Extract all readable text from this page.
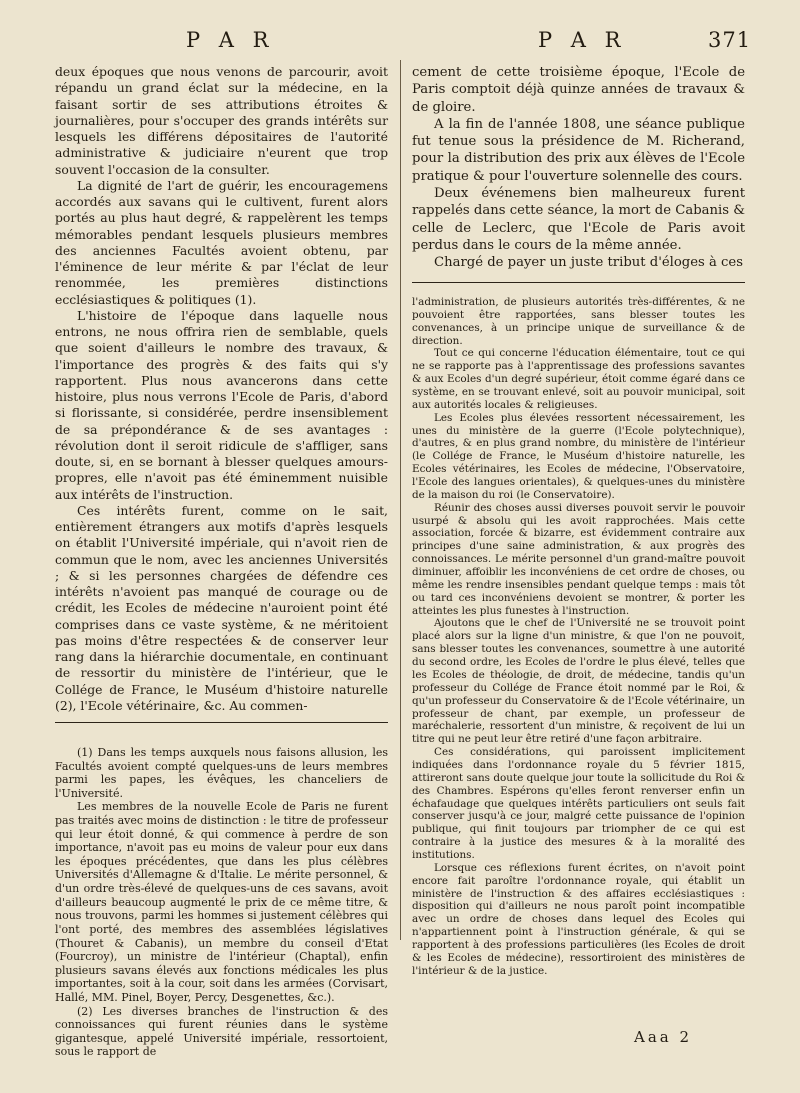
P A R	P A R	371

deux époques que nous venons de parcourir, avoit répandu un grand éclat sur la médecine, en la faisant sortir de ses attributions étroites & journalières, pour s'occuper des grands intérêts sur lesquels les différens dépositaires de l'autorité administrative & judiciaire n'eurent que trop souvent l'occasion de la consulter.

La dignité de l'art de guérir, les encouragemens accordés aux savans qui le cultivent, furent alors portés au plus haut degré, & rappelèrent les temps mémorables pendant lesquels plusieurs membres des anciennes Facultés avoient obtenu, par l'éminence de leur mérite & par l'éclat de leur renommée, les premières distinctions ecclésiastiques & politiques (1).

L'histoire de l'époque dans laquelle nous entrons, ne nous offrira rien de semblable, quels que soient d'ailleurs le nombre des travaux, & l'importance des progrès & des faits qui s'y rapportent. Plus nous avancerons dans cette histoire, plus nous verrons l'Ecole de Paris, d'abord si florissante, si considérée, perdre insensiblement de sa prépondérance & de ses avantages : révolution dont il seroit ridicule de s'affliger, sans doute, si, en se bornant à blesser quelques amours-propres, elle n'avoit pas été éminemment nuisible aux intérêts de l'instruction.

Ces intérêts furent, comme on le sait, entièrement étrangers aux motifs d'après lesquels on établit l'Université impériale, qui n'avoit rien de commun que le nom, avec les anciennes Universités ; & si les personnes chargées de défendre ces intérêts n'avoient pas manqué de courage ou de crédit, les Ecoles de médecine n'auroient point été comprises dans ce vaste système, & ne méritoient pas moins d'être respectées & de conserver leur rang dans la hiérarchie documentale, en continuant de ressortir du ministère de l'intérieur, que le Collége de France, le Muséum d'histoire naturelle (2), l'Ecole vétérinaire, &c. Au commen-

(1) Dans les temps auxquels nous faisons allusion, les Facultés avoient compté quelques-uns de leurs membres parmi les papes, les évêques, les chanceliers de l'Université.

Les membres de la nouvelle Ecole de Paris ne furent pas traités avec moins de distinction : le titre de professeur qui leur étoit donné, & qui commence à perdre de son importance, n'avoit pas eu moins de valeur pour eux dans les époques précédentes, que dans les plus célèbres Universités d'Allemagne & d'Italie. Le mérite personnel, & d'un ordre très-élevé de quelques-uns de ces savans, avoit d'ailleurs beaucoup augmenté le prix de ce même titre, & nous trouvons, parmi les hommes si justement célèbres qui l'ont porté, des membres des assemblées législatives (Thouret & Cabanis), un membre du conseil d'Etat (Fourcroy), un ministre de l'intérieur (Chaptal), enfin plusieurs savans élevés aux fonctions médicales les plus importantes, soit à la cour, soit dans les armées (Corvisart, Hallé, MM. Pinel, Boyer, Percy, Desgenettes, &c.).

(2) Les diverses branches de l'instruction & des connoissances qui furent réunies dans le système gigantesque, appelé Université impériale, ressortoient, sous le rapport de

cement de cette troisième époque, l'Ecole de Paris comptoit déjà quinze années de travaux & de gloire.

A la fin de l'année 1808, une séance publique fut tenue sous la présidence de M. Richerand, pour la distribution des prix aux élèves de l'Ecole pratique & pour l'ouverture solennelle des cours.

Deux événemens bien malheureux furent rappelés dans cette séance, la mort de Cabanis & celle de Leclerc, que l'Ecole de Paris avoit perdus dans le cours de la même année.

Chargé de payer un juste tribut d'éloges à ces

l'administration, de plusieurs autorités très-différentes, & ne pouvoient être rapportées, sans blesser toutes les convenances, à un principe unique de surveillance & de direction.

Tout ce qui concerne l'éducation élémentaire, tout ce qui ne se rapporte pas à l'apprentissage des professions savantes & aux Ecoles d'un degré supérieur, étoit comme égaré dans ce système, en se trouvant enlevé, soit au pouvoir municipal, soit aux autorités locales & religieuses.

Les Ecoles plus élevées ressortent nécessairement, les unes du ministère de la guerre (l'Ecole polytechnique), d'autres, & en plus grand nombre, du ministère de l'intérieur (le Collége de France, le Muséum d'histoire naturelle, les Ecoles vétérinaires, les Ecoles de médecine, l'Observatoire, l'Ecole des langues orientales), & quelques-unes du ministère de la maison du roi (le Conservatoire).

Réunir des choses aussi diverses pouvoit servir le pouvoir usurpé & absolu qui les avoit rapprochées. Mais cette association, forcée & bizarre, est évidemment contraire aux principes d'une saine administration, & aux progrès des connoissances. Le mérite personnel d'un grand-maître pouvoit diminuer, affoiblir les inconvéniens de cet ordre de choses, ou même les rendre insensibles pendant quelque temps : mais tôt ou tard ces inconvéniens devoient se montrer, & porter les atteintes les plus funestes à l'instruction.

Ajoutons que le chef de l'Université ne se trouvoit point placé alors sur la ligne d'un ministre, & que l'on ne pouvoit, sans blesser toutes les convenances, soumettre à une autorité du second ordre, les Ecoles de l'ordre le plus élevé, telles que les Ecoles de théologie, de droit, de médecine, tandis qu'un professeur du Collége de France étoit nommé par le Roi, & qu'un professeur du Conservatoire & de l'Ecole vétérinaire, un professeur de chant, par exemple, un professeur de maréchalerie, ressortent d'un ministre, & reçoivent de lui un titre qui ne peut leur être retiré d'une façon arbitraire.

Ces considérations, qui paroissent implicitement indiquées dans l'ordonnance royale du 5 février 1815, attireront sans doute quelque jour toute la sollicitude du Roi & des Chambres. Espérons qu'elles feront renverser enfin un échafaudage que quelques intérêts particuliers ont seuls fait conserver jusqu'à ce jour, malgré cette puissance de l'opinion publique, qui finit toujours par triompher de ce qui est contraire à la justice des mesures & à la moralité des institutions.

Lorsque ces réflexions furent écrites, on n'avoit point encore fait paroître l'ordonnance royale, qui établit un ministère de l'instruction & des affaires ecclésiastiques : disposition qui d'ailleurs ne nous paroît point incompatible avec un ordre de choses dans lequel des Ecoles qui n'appartiennent point à l'instruction générale, & qui se rapportent à des professions particulières (les Ecoles de droit & les Ecoles de médecine), ressortiroient des ministères de l'intérieur & de la justice.

Aaa 2
